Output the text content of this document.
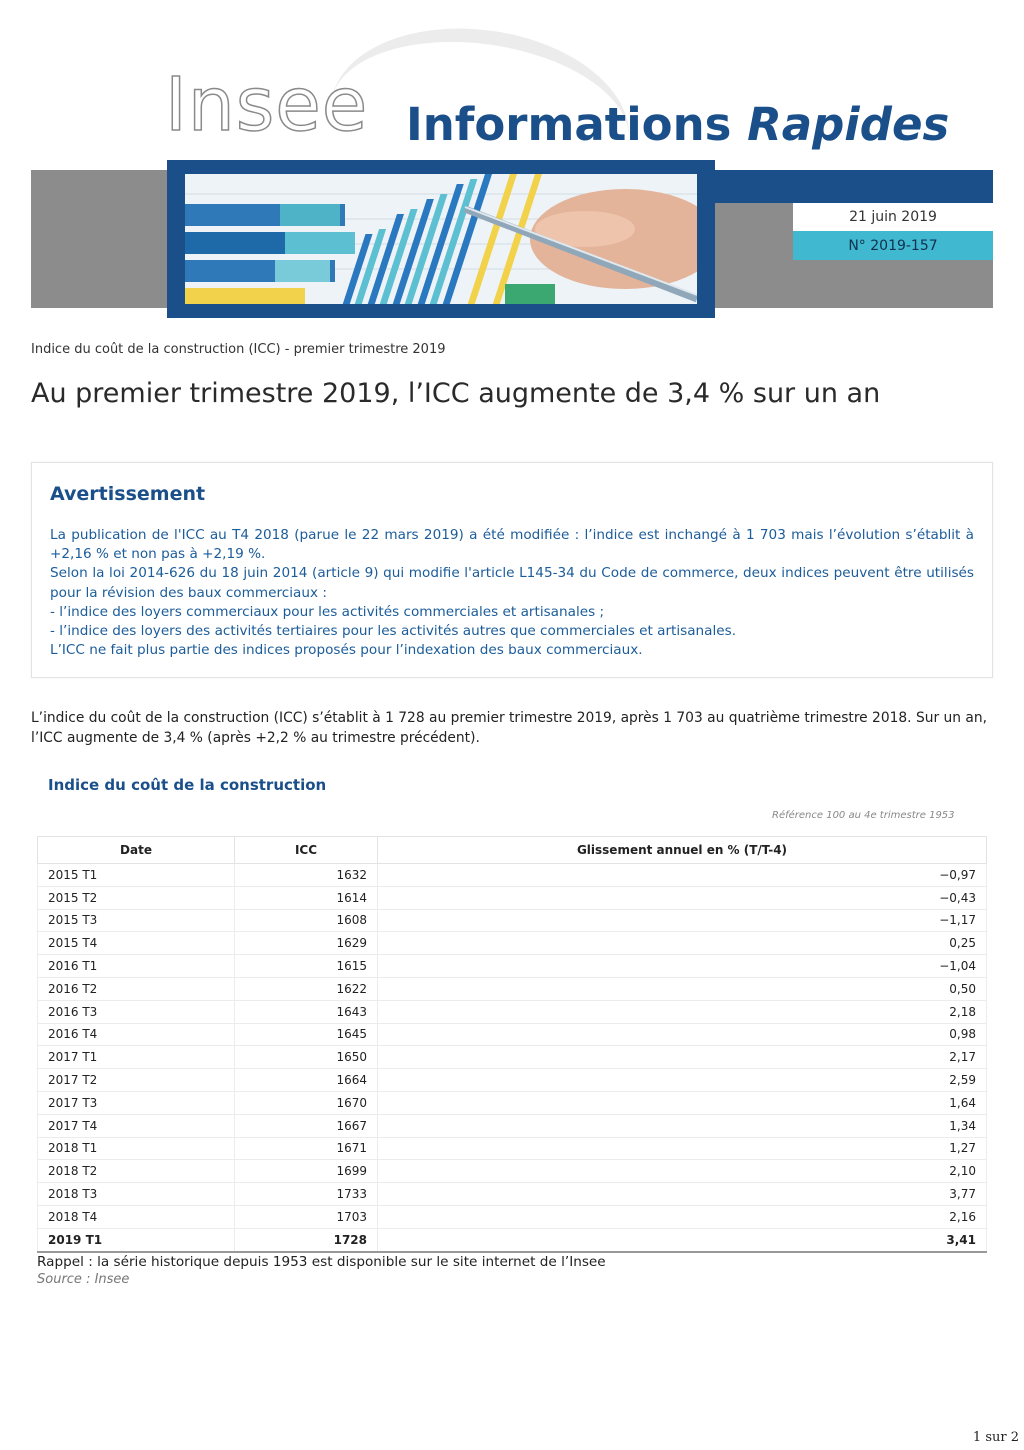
21 juin 2019
N° 2019-157
Insee Informations Rapides
Indice du coût de la construction (ICC) - premier trimestre 2019
Au premier trimestre 2019, l’ICC augmente de 3,4 % sur un an
Avertissement
La publication de l'ICC au T4 2018 (parue le 22 mars 2019) a été modifiée : l’indice est inchangé à 1 703 mais l’évolution s’établit à +2,16 % et non pas à +2,19 %.
Selon la loi 2014-626 du 18 juin 2014 (article 9) qui modifie l'article L145-34 du Code de commerce, deux indices peuvent être utilisés pour la révision des baux commerciaux :
- l’indice des loyers commerciaux pour les activités commerciales et artisanales ;
- l’indice des loyers des activités tertiaires pour les activités autres que commerciales et artisanales.
L’ICC ne fait plus partie des indices proposés pour l’indexation des baux commerciaux.
L’indice du coût de la construction (ICC) s’établit à 1 728 au premier trimestre 2019, après 1 703 au quatrième trimestre 2018. Sur un an, l’ICC augmente de 3,4 % (après +2,2 % au trimestre précédent).
Indice du coût de la construction
Référence 100 au 4e trimestre 1953
Date	ICC	Glissement annuel en % (T/T-4)
2015 T1	1632	−0,97
2015 T2	1614	−0,43
2015 T3	1608	−1,17
2015 T4	1629	0,25
2016 T1	1615	−1,04
2016 T2	1622	0,50
2016 T3	1643	2,18
2016 T4	1645	0,98
2017 T1	1650	2,17
2017 T2	1664	2,59
2017 T3	1670	1,64
2017 T4	1667	1,34
2018 T1	1671	1,27
2018 T2	1699	2,10
2018 T3	1733	3,77
2018 T4	1703	2,16
2019 T1	1728	3,41
Rappel : la série historique depuis 1953 est disponible sur le site internet de l’Insee
Source : Insee
1 sur 2
